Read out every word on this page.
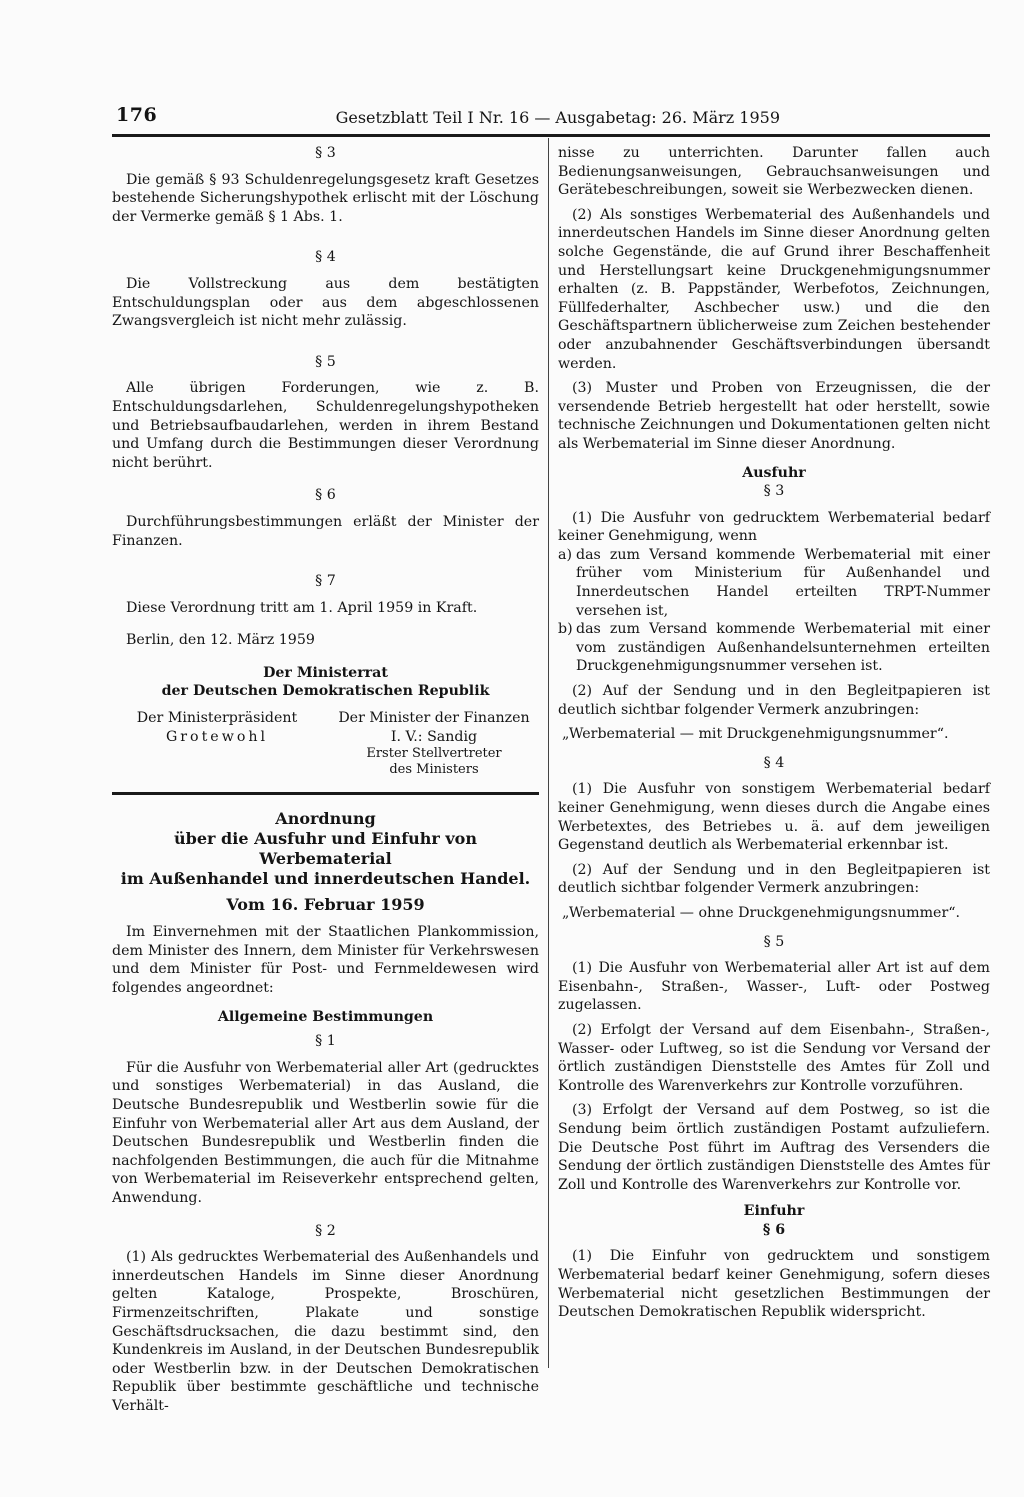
176	Gesetzblatt Teil I Nr. 16 — Ausgabetag: 26. März 1959
§ 3

Die gemäß § 93 Schuldenregelungsgesetz kraft Gesetzes bestehende Sicherungshypothek erlischt mit der Löschung der Vermerke gemäß § 1 Abs. 1.

§ 4

Die Vollstreckung aus dem bestätigten Entschuldungsplan oder aus dem abgeschlossenen Zwangsvergleich ist nicht mehr zulässig.

§ 5

Alle übrigen Forderungen, wie z. B. Entschuldungsdarlehen, Schuldenregelungshypotheken und Betriebsaufbaudarlehen, werden in ihrem Bestand und Umfang durch die Bestimmungen dieser Verordnung nicht berührt.

§ 6

Durchführungsbestimmungen erläßt der Minister der Finanzen.

§ 7

Diese Verordnung tritt am 1. April 1959 in Kraft.

Berlin, den 12. März 1959

Der Ministerrat
der Deutschen Demokratischen Republik
Der Ministerpräsident
Grotewohl
Der Minister der Finanzen
I. V.: Sandig
Erster Stellvertreter
des Ministers
Anordnung
über die Ausfuhr und Einfuhr von Werbematerial
im Außenhandel und innerdeutschen Handel.
Vom 16. Februar 1959

Im Einvernehmen mit der Staatlichen Plankommission, dem Minister des Innern, dem Minister für Verkehrswesen und dem Minister für Post- und Fernmeldewesen wird folgendes angeordnet:

Allgemeine Bestimmungen
§ 1

Für die Ausfuhr von Werbematerial aller Art (gedrucktes und sonstiges Werbematerial) in das Ausland, die Deutsche Bundesrepublik und Westberlin sowie für die Einfuhr von Werbematerial aller Art aus dem Ausland, der Deutschen Bundesrepublik und Westberlin finden die nachfolgenden Bestimmungen, die auch für die Mitnahme von Werbematerial im Reiseverkehr entsprechend gelten, Anwendung.

§ 2

(1) Als gedrucktes Werbematerial des Außenhandels und innerdeutschen Handels im Sinne dieser Anordnung gelten Kataloge, Prospekte, Broschüren, Firmenzeitschriften, Plakate und sonstige Geschäftsdrucksachen, die dazu bestimmt sind, den Kundenkreis im Ausland, in der Deutschen Bundesrepublik oder Westberlin bzw. in der Deutschen Demokratischen Republik über bestimmte geschäftliche und technische Verhält-

nisse zu unterrichten. Darunter fallen auch Bedienungsanweisungen, Gebrauchsanweisungen und Gerätebeschreibungen, soweit sie Werbezwecken dienen.

(2) Als sonstiges Werbematerial des Außenhandels und innerdeutschen Handels im Sinne dieser Anordnung gelten solche Gegenstände, die auf Grund ihrer Beschaffenheit und Herstellungsart keine Druckgenehmigungsnummer erhalten (z. B. Pappständer, Werbefotos, Zeichnungen, Füllfederhalter, Aschbecher usw.) und die den Geschäftspartnern üblicherweise zum Zeichen bestehender oder anzubahnender Geschäftsverbindungen übersandt werden.

(3) Muster und Proben von Erzeugnissen, die der versendende Betrieb hergestellt hat oder herstellt, sowie technische Zeichnungen und Dokumentationen gelten nicht als Werbematerial im Sinne dieser Anordnung.

Ausfuhr
§ 3

(1) Die Ausfuhr von gedrucktem Werbematerial bedarf keiner Genehmigung, wenn

a) das zum Versand kommende Werbematerial mit einer früher vom Ministerium für Außenhandel und Innerdeutschen Handel erteilten TRPT-Nummer versehen ist,
b) das zum Versand kommende Werbematerial mit einer vom zuständigen Außenhandelsunternehmen erteilten Druckgenehmigungsnummer versehen ist.

(2) Auf der Sendung und in den Begleitpapieren ist deutlich sichtbar folgender Vermerk anzubringen:

„Werbematerial — mit Druckgenehmigungsnummer“.

§ 4

(1) Die Ausfuhr von sonstigem Werbematerial bedarf keiner Genehmigung, wenn dieses durch die Angabe eines Werbetextes, des Betriebes u. ä. auf dem jeweiligen Gegenstand deutlich als Werbematerial erkennbar ist.

(2) Auf der Sendung und in den Begleitpapieren ist deutlich sichtbar folgender Vermerk anzubringen:

„Werbematerial — ohne Druckgenehmigungsnummer“.

§ 5

(1) Die Ausfuhr von Werbematerial aller Art ist auf dem Eisenbahn-, Straßen-, Wasser-, Luft- oder Postweg zugelassen.

(2) Erfolgt der Versand auf dem Eisenbahn-, Straßen-, Wasser- oder Luftweg, so ist die Sendung vor Versand der örtlich zuständigen Dienststelle des Amtes für Zoll und Kontrolle des Warenverkehrs zur Kontrolle vorzuführen.

(3) Erfolgt der Versand auf dem Postweg, so ist die Sendung beim örtlich zuständigen Postamt aufzuliefern. Die Deutsche Post führt im Auftrag des Versenders die Sendung der örtlich zuständigen Dienststelle des Amtes für Zoll und Kontrolle des Warenverkehrs zur Kontrolle vor.

Einfuhr
§ 6

(1) Die Einfuhr von gedrucktem und sonstigem Werbematerial bedarf keiner Genehmigung, sofern dieses Werbematerial nicht gesetzlichen Bestimmungen der Deutschen Demokratischen Republik widerspricht.
